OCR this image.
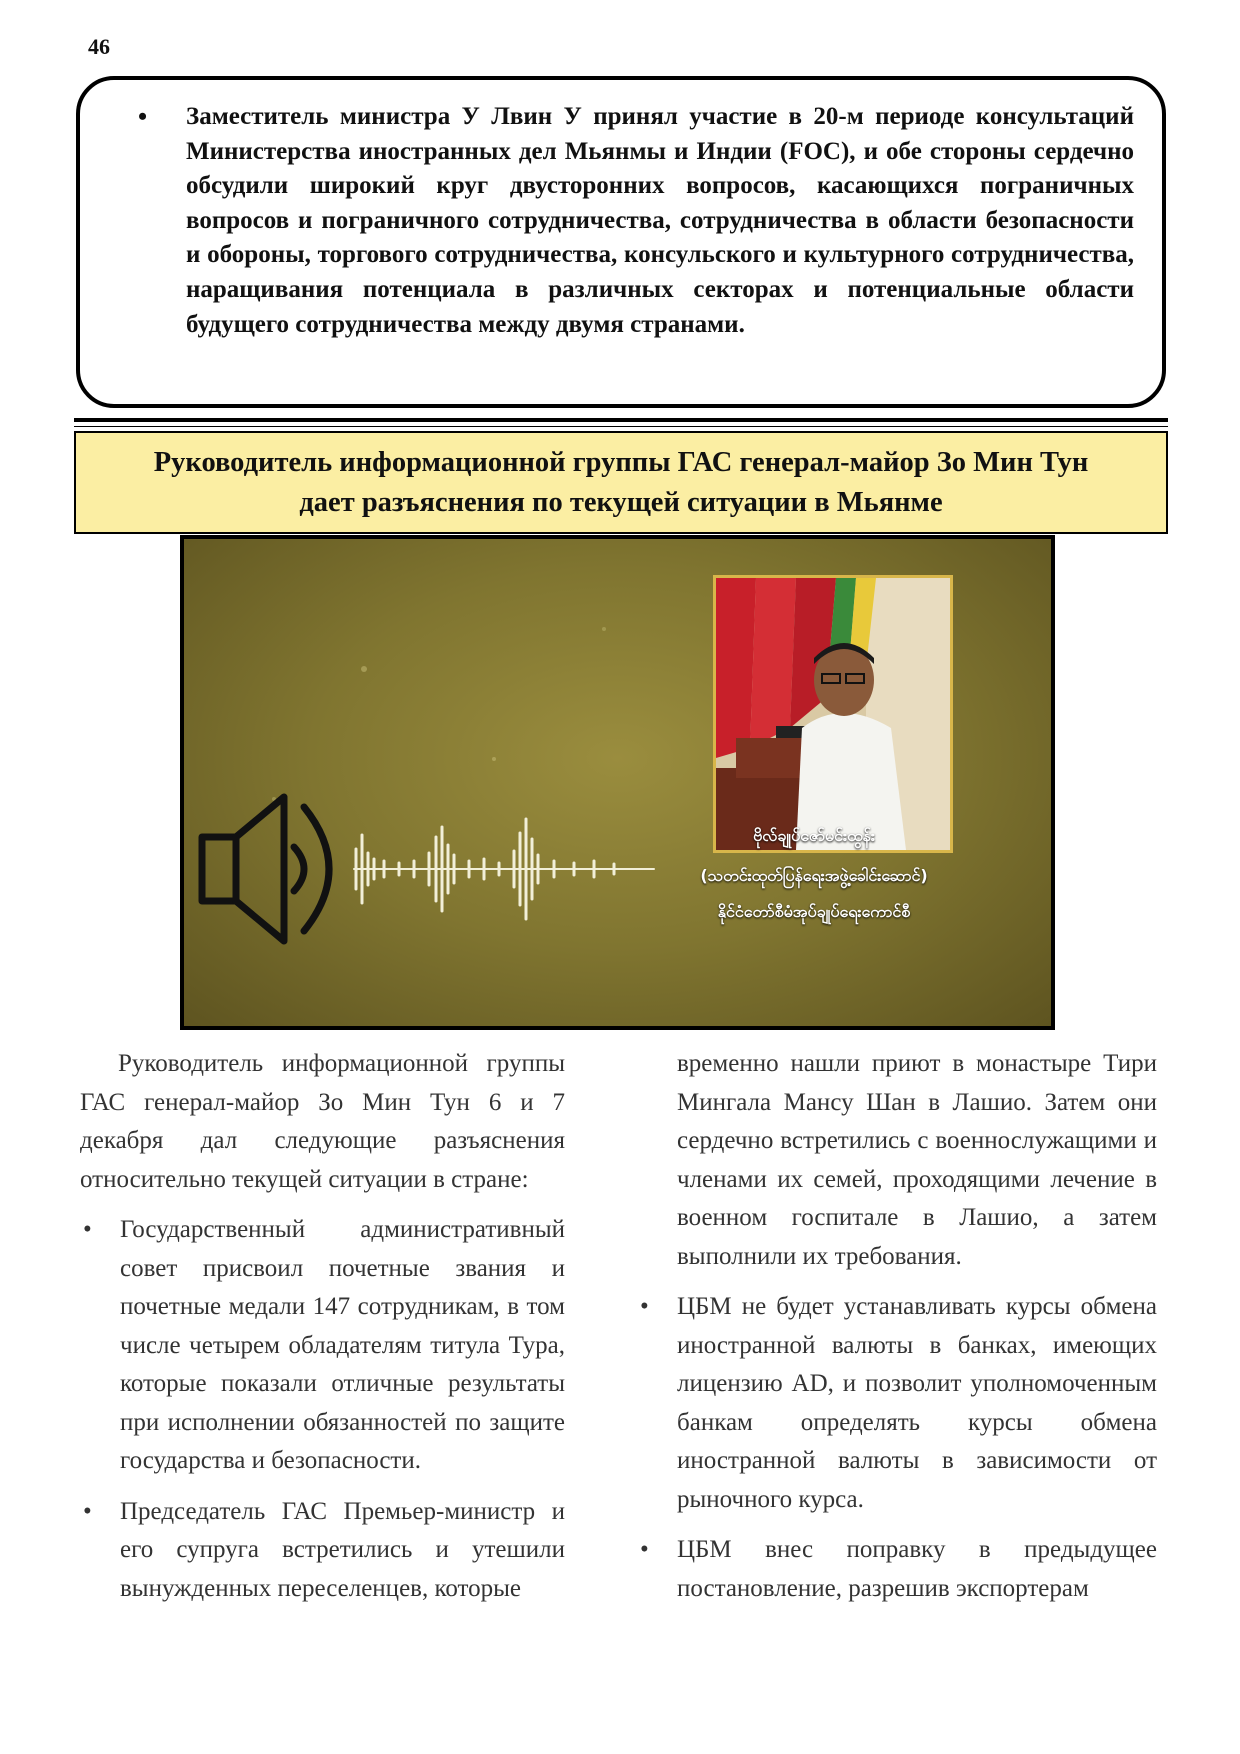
46
• Заместитель министра У Лвин У принял участие в 20-м периоде консультаций Министерства иностранных дел Мьянмы и Индии (FOC), и обе стороны сердечно обсудили широкий круг двусторонних вопросов, касающихся пограничных вопросов и пограничного сотрудничества, сотрудничества в области безопасности и обороны, торгового сотрудничества, консульского и культурного сотрудничества, наращивания потенциала в различных секторах и потенциальные области будущего сотрудничества между двумя странами.
Руководитель информационной группы ГАС генерал-майор Зо Мин Тун
дает разъяснения по текущей ситуации в Мьянме
ဗိုလ်ချုပ်ဇော်မင်းထွန်း
(သတင်းထုတ်ပြန်ရေးအဖွဲ့ခေါင်းဆောင်)
နိုင်ငံတော်စီမံအုပ်ချုပ်ရေးကောင်စီ

Руководитель информационной группы ГАС генерал-майор Зо Мин Тун 6 и 7 декабря дал следующие разъяснения относительно текущей ситуации в стране:

• Государственный административный совет присвоил почетные звания и почетные медали 147 сотрудникам, в том числе четырем обладателям титула Тура, которые показали отличные результаты при исполнении обязанностей по защите государства и безопасности.
• Председатель ГАС Премьер-министр и его супруга встретились и утешили вынужденных переселенцев, которые

временно нашли приют в монастыре Тири Мингала Мансу Шан в Лашио. Затем они сердечно встретились с военнослужащими и членами их семей, проходящими лечение в военном госпитале в Лашио, а затем выполнили их требования.

• ЦБМ не будет устанавливать курсы обмена иностранной валюты в банках, имеющих лицензию AD, и позволит уполномоченным банкам определять курсы обмена иностранной валюты в зависимости от рыночного курса.
• ЦБМ внес поправку в предыдущее постановление, разрешив экспортерам
